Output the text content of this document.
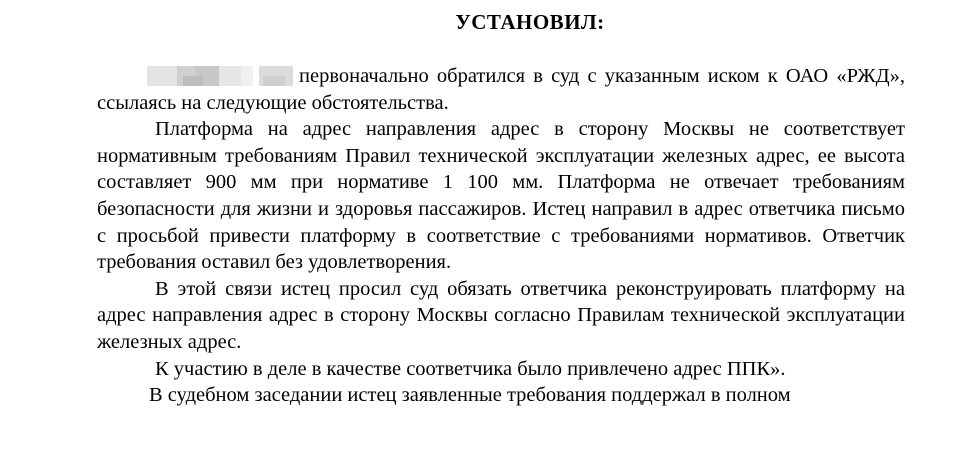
УСТАНОВИЛ:

первоначально обратился в суд с указанным иском к ОАО «РЖД», ссылаясь на следующие обстоятельства.

Платформа на адрес направления адрес в сторону Москвы не соответствует нормативным требованиям Правил технической эксплуатации железных адрес, ее высота составляет 900 мм при нормативе 1 100 мм. Платформа не отвечает требованиям безопасности для жизни и здоровья пассажиров. Истец направил в адрес ответчика письмо с просьбой привести платформу в соответствие с требованиями нормативов. Ответчик требования оставил без удовлетворения.

В этой связи истец просил суд обязать ответчика реконструировать платформу на адрес направления адрес в сторону Москвы согласно Правилам технической эксплуатации железных адрес.

К участию в деле в качестве соответчика было привлечено адрес ППК».

В судебном заседании истец заявленные требования поддержал в полном
